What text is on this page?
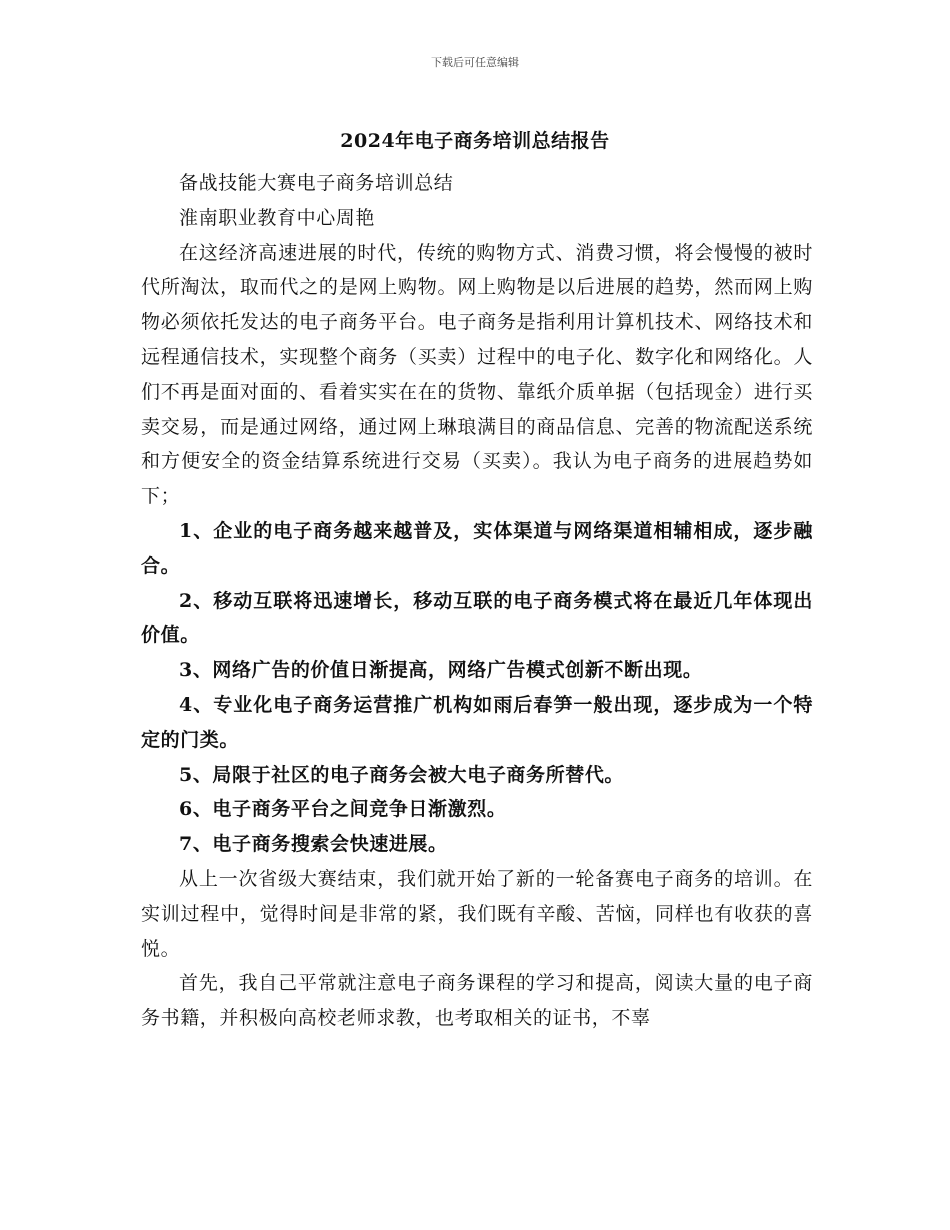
下载后可任意编辑
2024年电子商务培训总结报告

备战技能大赛电子商务培训总结

淮南职业教育中心周艳

在这经济高速进展的时代，传统的购物方式、消费习惯，将会慢慢的被时代所淘汰，取而代之的是网上购物。网上购物是以后进展的趋势，然而网上购物必须依托发达的电子商务平台。电子商务是指利用计算机技术、网络技术和远程通信技术，实现整个商务（买卖）过程中的电子化、数字化和网络化。人们不再是面对面的、看着实实在在的货物、靠纸介质单据（包括现金）进行买卖交易，而是通过网络，通过网上琳琅满目的商品信息、完善的物流配送系统和方便安全的资金结算系统进行交易（买卖）。我认为电子商务的进展趋势如下；

1、企业的电子商务越来越普及，实体渠道与网络渠道相辅相成，逐步融合。

2、移动互联将迅速增长，移动互联的电子商务模式将在最近几年体现出价值。

3、网络广告的价值日渐提高，网络广告模式创新不断出现。

4、专业化电子商务运营推广机构如雨后春笋一般出现，逐步成为一个特定的门类。

5、局限于社区的电子商务会被大电子商务所替代。

6、电子商务平台之间竞争日渐激烈。

7、电子商务搜索会快速进展。

从上一次省级大赛结束，我们就开始了新的一轮备赛电子商务的培训。在实训过程中，觉得时间是非常的紧，我们既有辛酸、苦恼，同样也有收获的喜悦。

首先，我自己平常就注意电子商务课程的学习和提高，阅读大量的电子商务书籍，并积极向高校老师求教，也考取相关的证书，不辜
